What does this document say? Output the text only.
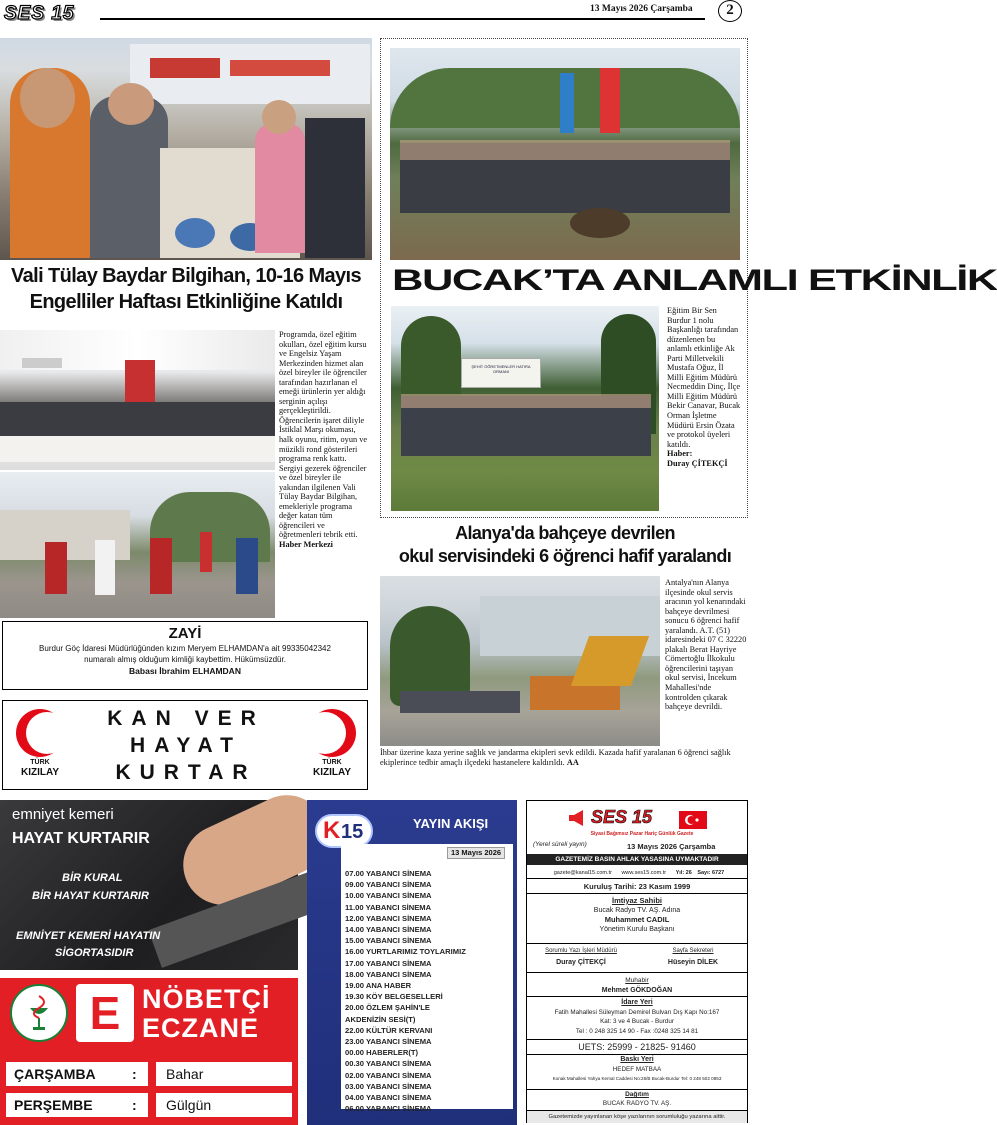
SES 15	13 Mayıs 2026 Çarşamba	2
Vali Tülay Baydar Bilgihan, 10-16 Mayıs Engelliler Haftası Etkinliğine Katıldı
Programda, özel eğitim okulları, özel eğitim kursu ve Engelsiz Yaşam Merkezinden hizmet alan özel bireyler ile öğrenciler tarafından hazırlanan el emeği ürünlerin yer aldığı serginin açılışı gerçekleştirildi. Öğrencilerin işaret diliyle İstiklal Marşı okuması, halk oyunu, ritim, oyun ve müzikli rond gösterileri programa renk kattı. Sergiyi gezerek öğrenciler ve özel bireyler ile yakından ilgilenen Vali Tülay Baydar Bilgihan, emekleriyle programa değer katan tüm öğrencileri ve öğretmenleri tebrik etti. Haber Merkezi
BUCAK’TA ANLAMLI ETKİNLİK
ŞEHİT ÖĞRETMENLER HATIRA ORMANI
Eğitim Bir Sen Burdur 1 nolu Başkanlığı tarafından düzenlenen bu anlamlı etkinliğe Ak Parti Milletvekili Mustafa Oğuz, İl Milli Eğitim Müdürü Necmeddin Dinç, İlçe Milli Eğitim Müdürü Bekir Canavar, Bucak Orman İşletme Müdürü Ersin Özata ve protokol üyeleri katıldı.
Haber:
Duray ÇİTEKÇİ
Alanya'da bahçeye devrilen okul servisindeki 6 öğrenci hafif yaralandı
Antalya'nın Alanya ilçesinde okul servis aracının yol kenarındaki bahçeye devrilmesi sonucu 6 öğrenci hafif yaralandı. A.T. (51) idaresindeki 07 C 32220 plakalı Berat Hayriye Cömertoğlu İlkokulu öğrencilerini taşıyan okul servisi, İncekum Mahallesi'nde kontrolden çıkarak bahçeye devrildi.
İhbar üzerine kaza yerine sağlık ve jandarma ekipleri sevk edildi. Kazada hafif yaralanan 6 öğrenci sağlık ekiplerince tedbir amaçlı ilçedeki hastanelere kaldırıldı. AA
ZAYİ
Burdur Göç İdaresi Müdürlüğünden kızım Meryem ELHAMDAN'a ait 99335042342
numaralı almış olduğum kimliği kaybettim. Hükümsüzdür.
Babası İbrahim ELHAMDAN
TÜRK
KIZILAY
KAN VER
HAYAT
KURTAR	TÜRK
KIZILAY
emniyet kemeri
HAYAT KURTARIR
BİR KURAL
BİR HAYAT KURTARIR
EMNİYET KEMERİ HAYATIN
SİGORTASIDIR
E NÖBETÇİ
ECZANE
ÇARŞAMBA	:	Bahar
PERŞEMBE	:	Gülgün
K 15	YAYIN AKIŞI
13 Mayıs 2026
07.00 YABANCI SİNEMA
09.00 YABANCI SİNEMA
10.00 YABANCI SİNEMA
11.00 YABANCI SİNEMA
12.00 YABANCI SİNEMA
14.00 YABANCI SİNEMA
15.00 YABANCI SİNEMA
16.00 YURTLARIMIZ TOYLARIMIZ
17.00 YABANCI SİNEMA
18.00 YABANCI SİNEMA
19.00 ANA HABER
19.30 KÖY BELGESELLERİ
20.00 ÖZLEM ŞAHİN'LE
AKDENİZİN SESİ(T)
22.00 KÜLTÜR KERVANI
23.00 YABANCI SİNEMA
00.00 HABERLER(T)
00.30 YABANCI SİNEMA
02.00 YABANCI SİNEMA
03.00 YABANCI SİNEMA
04.00 YABANCI SİNEMA
06.00 YABANCI SİNEMA
SES 15
Siyasi Bağımsız Pazar Hariç Günlük Gazete
(Yerel süreli yayın)	13 Mayıs 2026 Çarşamba
GAZETEMİZ BASIN AHLAK YASASINA UYMAKTADIR
gazete@kanal15.com.tr www.ses15.com.tr Yıl: 26 Sayı: 6727
Kuruluş Tarihi: 23 Kasım 1999
İmtiyaz Sahibi
Bucak Radyo TV. AŞ. Adına
Muhammet CADIL
Yönetim Kurulu Başkanı
Sorumlu Yazı İşleri Müdürü
Duray ÇİTEKÇİ
Sayfa Sekreteri
Hüseyin DİLEK
Muhabir
Mehmet GÖKDOĞAN
İdare Yeri
Fatih Mahallesi Süleyman Demirel Bulvarı Dış Kapı No:167
Kat: 3 ve 4 Bucak - Burdur
Tel : 0 248 325 14 90 - Fax :0248 325 14 81
UETS: 25999 - 21825- 91460
Baskı Yeri
HEDEF MATBAA
Konak Mahallesi Yahya Kemal Caddesi No:26/B Bucak-Burdur Tel: 0 248 502 0853
Dağıtım
BUCAK RADYO TV. AŞ.
Gazetemizde yayınlanan köşe yazılarının sorumluluğu yazarına aittir.
